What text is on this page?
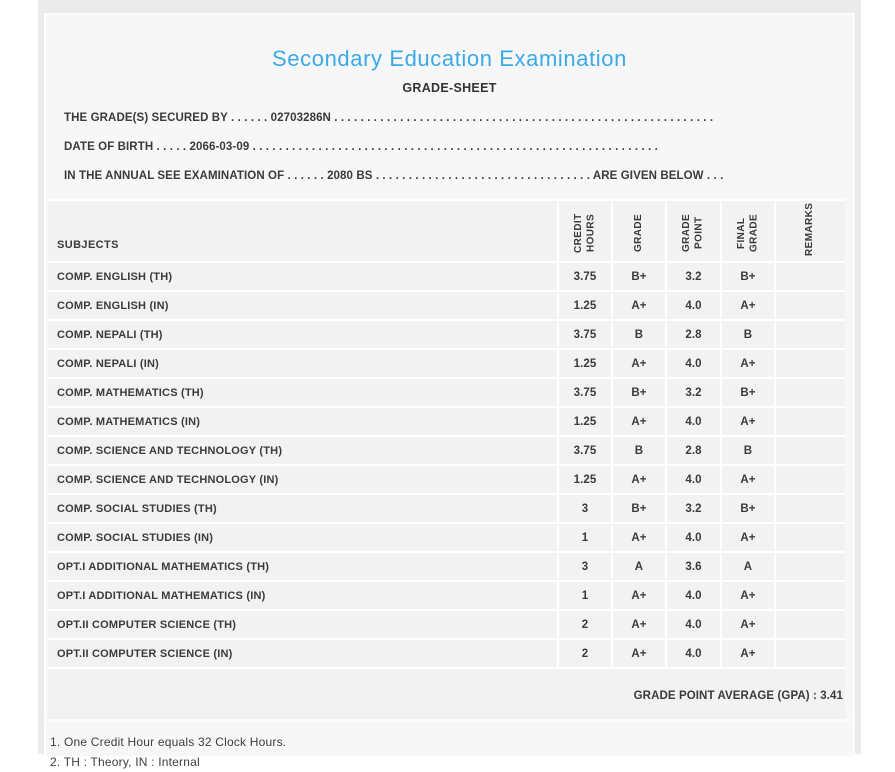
Secondary Education Examination
GRADE-SHEET
THE GRADE(S) SECURED BY . . . . . . 02703286N . . . . . . . . . . . . . . . . . . . . . . . . . . . . . . . . . . . . . . . . . . . . . . . . . . . . . . . . . .
DATE OF BIRTH . . . . . 2066-03-09 . . . . . . . . . . . . . . . . . . . . . . . . . . . . . . . . . . . . . . . . . . . . . . . . . . . . . . . . . . . . . .
IN THE ANNUAL SEE EXAMINATION OF . . . . . . 2080 BS . . . . . . . . . . . . . . . . . . . . . . . . . . . . . . . . . ARE GIVEN BELOW . . .
SUBJECTS	CREDIT HOURS	GRADE	GRADE POINT	FINAL GRADE	REMARKS

COMP. ENGLISH (TH)	3.75	B+	3.2	B+	
COMP. ENGLISH (IN)	1.25	A+	4.0	A+	
COMP. NEPALI (TH)	3.75	B	2.8	B	
COMP. NEPALI (IN)	1.25	A+	4.0	A+	
COMP. MATHEMATICS (TH)	3.75	B+	3.2	B+	
COMP. MATHEMATICS (IN)	1.25	A+	4.0	A+	
COMP. SCIENCE AND TECHNOLOGY (TH)	3.75	B	2.8	B	
COMP. SCIENCE AND TECHNOLOGY (IN)	1.25	A+	4.0	A+	
COMP. SOCIAL STUDIES (TH)	3	B+	3.2	B+	
COMP. SOCIAL STUDIES (IN)	1	A+	4.0	A+	
OPT.I ADDITIONAL MATHEMATICS (TH)	3	A	3.6	A	
OPT.I ADDITIONAL MATHEMATICS (IN)	1	A+	4.0	A+	
OPT.II COMPUTER SCIENCE (TH)	2	A+	4.0	A+	
OPT.II COMPUTER SCIENCE (IN)	2	A+	4.0	A+	
GRADE POINT AVERAGE (GPA) : 3.41
1. One Credit Hour equals 32 Clock Hours.
2. TH : Theory, IN : Internal
